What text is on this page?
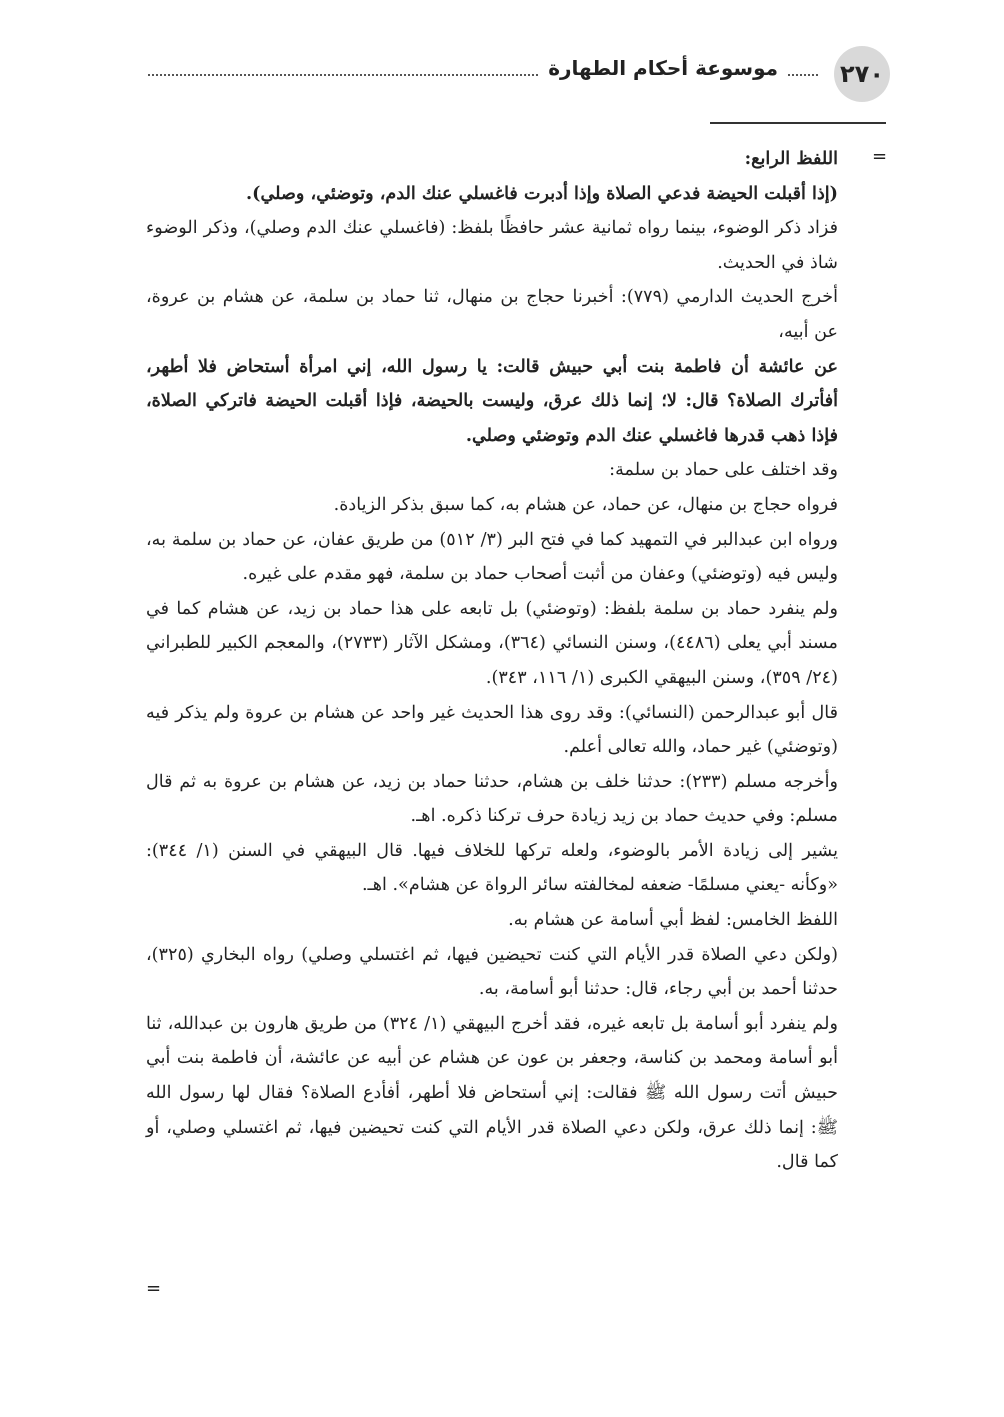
٢٧٠
موسوعة أحكام الطهارة
=

اللفظ الرابع:

(إذا أقبلت الحيضة فدعي الصلاة وإذا أدبرت فاغسلي عنك الدم، وتوضئي، وصلي).

فزاد ذكر الوضوء، بينما رواه ثمانية عشر حافظًا بلفظ: (فاغسلي عنك الدم وصلي)، وذكر الوضوء شاذ في الحديث.

أخرج الحديث الدارمي (٧٧٩): أخبرنا حجاج بن منهال، ثنا حماد بن سلمة، عن هشام بن عروة، عن أبيه،

عن عائشة أن فاطمة بنت أبي حبيش قالت: يا رسول الله، إني امرأة أستحاض فلا أطهر، أفأترك الصلاة؟ قال: لا؛ إنما ذلك عرق، وليست بالحيضة، فإذا أقبلت الحيضة فاتركي الصلاة، فإذا ذهب قدرها فاغسلي عنك الدم وتوضئي وصلي.

وقد اختلف على حماد بن سلمة:

فرواه حجاج بن منهال، عن حماد، عن هشام به، كما سبق بذكر الزيادة.

ورواه ابن عبدالبر في التمهيد كما في فتح البر (٣/ ٥١٢) من طريق عفان، عن حماد بن سلمة به، وليس فيه (وتوضئي) وعفان من أثبت أصحاب حماد بن سلمة، فهو مقدم على غيره.

ولم ينفرد حماد بن سلمة بلفظ: (وتوضئي) بل تابعه على هذا حماد بن زيد، عن هشام كما في مسند أبي يعلى (٤٤٨٦)، وسنن النسائي (٣٦٤)، ومشكل الآثار (٢٧٣٣)، والمعجم الكبير للطبراني (٢٤/ ٣٥٩)، وسنن البيهقي الكبرى (١/ ١١٦، ٣٤٣).

قال أبو عبدالرحمن (النسائي): وقد روى هذا الحديث غير واحد عن هشام بن عروة ولم يذكر فيه (وتوضئي) غير حماد، والله تعالى أعلم.

وأخرجه مسلم (٢٣٣): حدثنا خلف بن هشام، حدثنا حماد بن زيد، عن هشام بن عروة به ثم قال مسلم: وفي حديث حماد بن زيد زيادة حرف تركنا ذكره. اهـ.

يشير إلى زيادة الأمر بالوضوء، ولعله تركها للخلاف فيها. قال البيهقي في السنن (١/ ٣٤٤): «وكأنه -يعني مسلمًا- ضعفه لمخالفته سائر الرواة عن هشام». اهـ.

اللفظ الخامس: لفظ أبي أسامة عن هشام به.

(ولكن دعي الصلاة قدر الأيام التي كنت تحيضين فيها، ثم اغتسلي وصلي) رواه البخاري (٣٢٥)، حدثنا أحمد بن أبي رجاء، قال: حدثنا أبو أسامة، به.

ولم ينفرد أبو أسامة بل تابعه غيره، فقد أخرج البيهقي (١/ ٣٢٤) من طريق هارون بن عبدالله، ثنا أبو أسامة ومحمد بن كناسة، وجعفر بن عون عن هشام عن أبيه عن عائشة، أن فاطمة بنت أبي حبيش أتت رسول الله ﷺ فقالت: إني أستحاض فلا أطهر، أفأدع الصلاة؟ فقال لها رسول الله ﷺ: إنما ذلك عرق، ولكن دعي الصلاة قدر الأيام التي كنت تحيضين فيها، ثم اغتسلي وصلي، أو كما قال.

=
